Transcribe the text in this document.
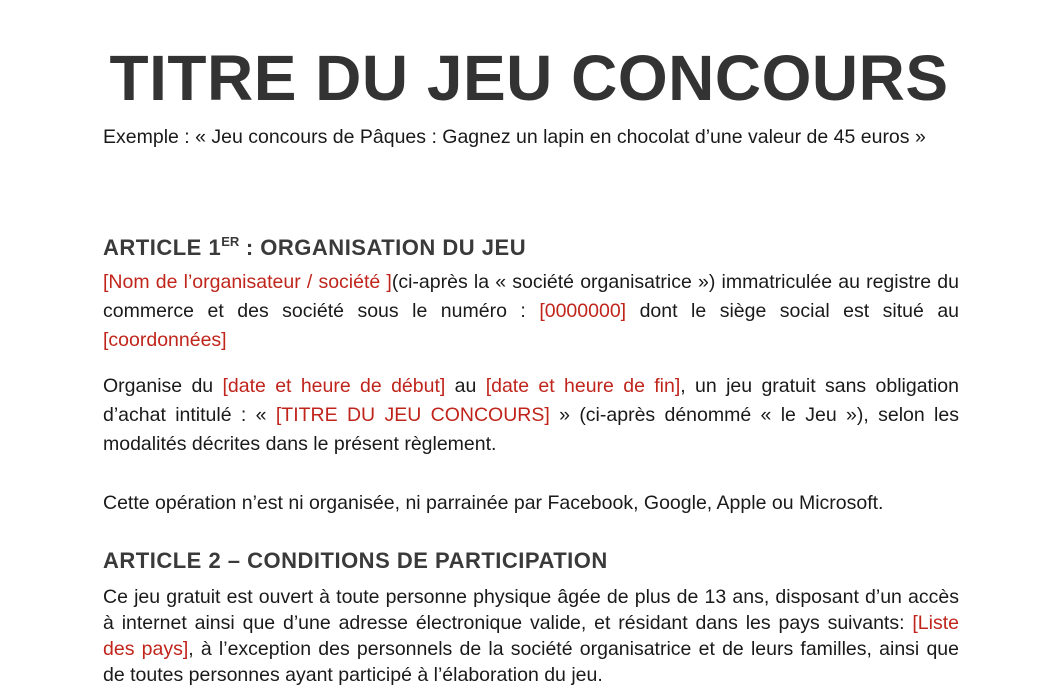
TITRE DU JEU CONCOURS
Exemple : « Jeu concours de Pâques : Gagnez un lapin en chocolat d’une valeur de 45 euros »
ARTICLE 1ER : ORGANISATION DU JEU
[Nom de l’organisateur / société ](ci-après la « société organisatrice ») immatriculée au registre du commerce et des société sous le numéro : [0000000] dont le siège social est situé au [coordonnées]
Organise du [date et heure de début] au [date et heure de fin], un jeu gratuit sans obligation d’achat intitulé : « [TITRE DU JEU CONCOURS] » (ci-après dénommé « le Jeu »), selon les modalités décrites dans le présent règlement.
Cette opération n’est ni organisée, ni parrainée par Facebook, Google, Apple ou Microsoft.
ARTICLE 2 – CONDITIONS DE PARTICIPATION
Ce jeu gratuit est ouvert à toute personne physique âgée de plus de 13 ans, disposant d’un accès à internet ainsi que d’une adresse électronique valide, et résidant dans les pays suivants: [Liste des pays], à l’exception des personnels de la société organisatrice et de leurs familles, ainsi que de toutes personnes ayant participé à l’élaboration du jeu.
